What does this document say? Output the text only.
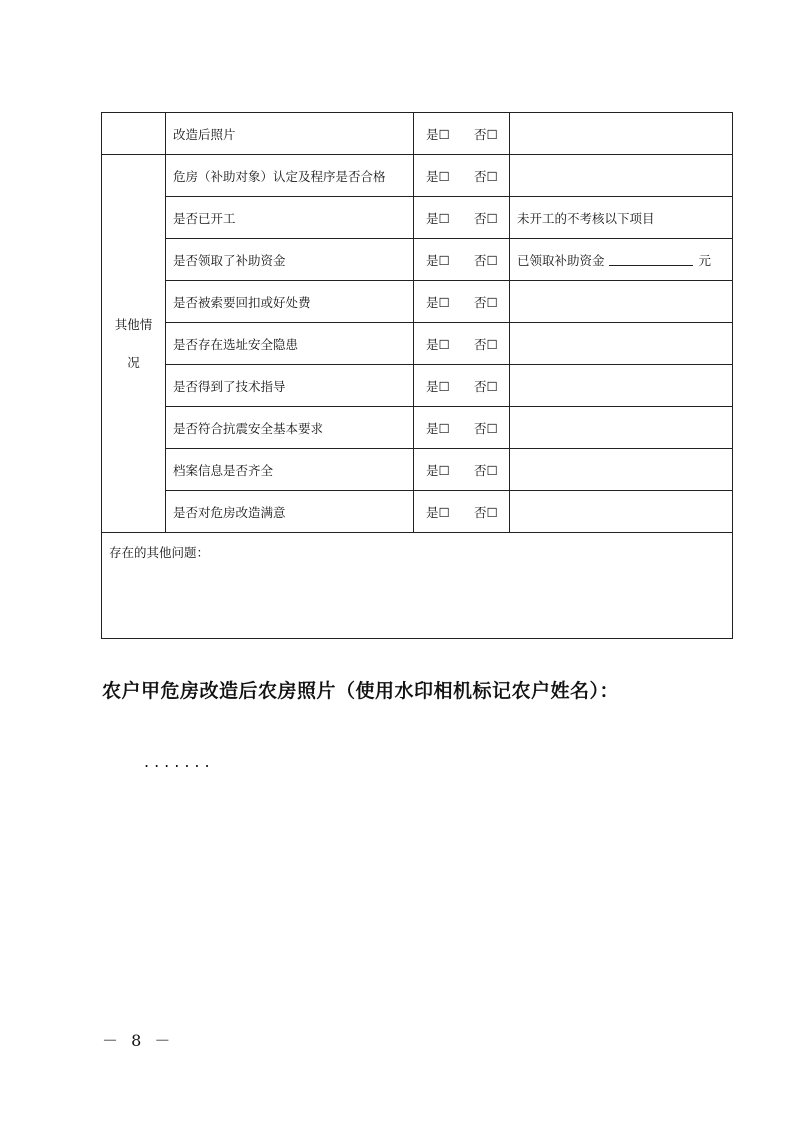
	改造后照片	是☐ 否☐	
其他情况	危房（补助对象）认定及程序是否合格	是☐ 否☐	
	是否已开工	是☐ 否☐	未开工的不考核以下项目
	是否领取了补助资金	是☐ 否☐	已领取补助资金 元
	是否被索要回扣或好处费	是☐ 否☐	
	是否存在选址安全隐患	是☐ 否☐	
	是否得到了技术指导	是☐ 否☐	
	是否符合抗震安全基本要求	是☐ 否☐	
	档案信息是否齐全	是☐ 否☐	
	是否对危房改造满意	是☐ 否☐	
存在的其他问题：			
农户甲危房改造后农房照片（使用水印相机标记农户姓名）：
.......
－ 8 －
